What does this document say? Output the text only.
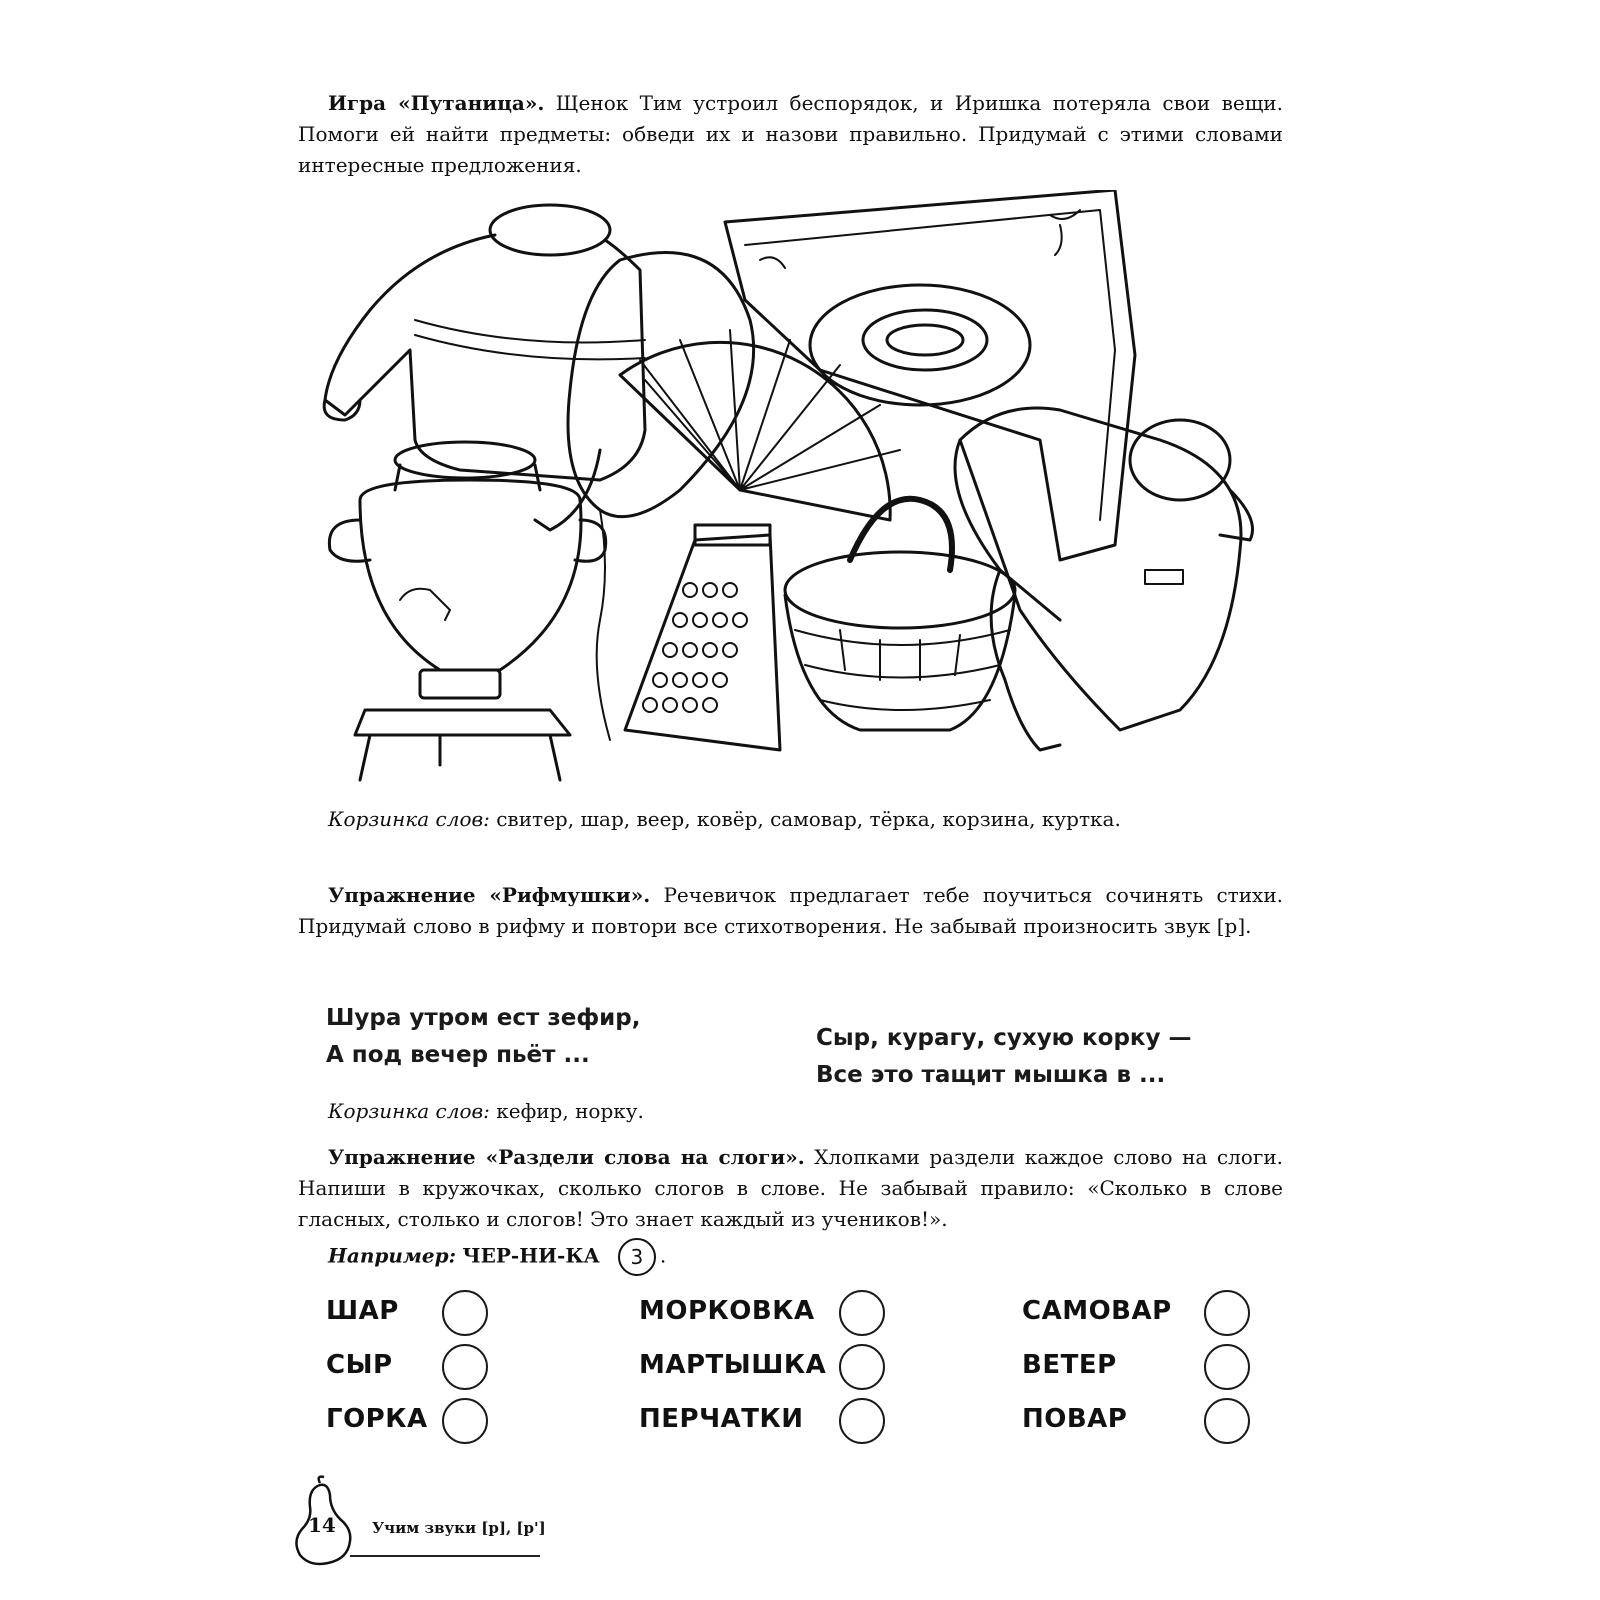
Игра «Путаница». Щенок Тим устроил беспорядок, и Иришка потеряла свои вещи. Помоги ей найти предметы: обведи их и назови правильно. Придумай с этими словами интересные предложения.

Корзинка слов: свитер, шар, веер, ковёр, самовар, тёрка, корзина, куртка.

Упражнение «Рифмушки». Речевичок предлагает тебе поучиться сочинять стихи. Придумай слово в рифму и повтори все стихотворения. Не забывай произносить звук [р].

Шура утром ест зефир,
А под вечер пьёт ...
Сыр, курагу, сухую корку —
Все это тащит мышка в ...
Корзинка слов: кефир, норку.

Упражнение «Раздели слова на слоги». Хлопками раздели каждое слово на слоги. Напиши в кружочках, сколько слогов в слове. Не забывай правило: «Сколько в слове гласных, столько и слогов! Это знает каждый из учеников!».

Например: ЧЕР-НИ-КА 3 .
ШАР
СЫР
ГОРКА
МОРКОВКА
МАРТЫШКА
ПЕРЧАТКИ
САМОВАР
ВЕТЕР
ПОВАР
14 Учим звуки [р], [р']
